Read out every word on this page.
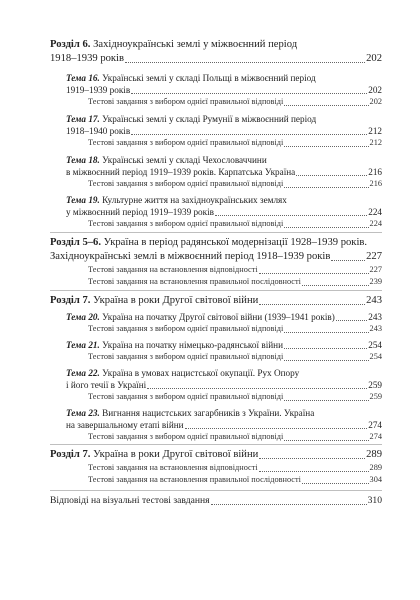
Розділ 6.
Західноукраїнські землі у міжвоєнний період
1918–1939 років	202
Тема 16.
Українські землі у складі Польщі в міжвоєнний період
1919–1939 років	202
Тестові завдання з вибором однієї правильної відповіді	202
Тема 17.
Українські землі у складі Румунії в міжвоєнний період
1918–1940 років	212
Тестові завдання з вибором однієї правильної відповіді	212
Тема 18.
Українські землі у складі Чехословаччини
в міжвоєнний період 1919–1939 років. Карпатська Україна	216
Тестові завдання з вибором однієї правильної відповіді	216
Тема 19.
Культурне життя на західноукраїнських землях
у міжвоєнний період 1919–1939 років	224
Тестові завдання з вибором однієї правильної відповіді	224
Розділ 5–6.
Україна в період радянської модернізації 1928–1939 років.
Західноукраїнські землі в міжвоєнний період 1918–1939 років	227
Тестові завдання на встановлення відповідності	227
Тестові завдання на встановлення правильної послідовності	239
Розділ 7.
Україна в роки Другої світової війни	243
Тема 20.
Україна на початку Другої світової війни (1939–1941 років)	243
Тестові завдання з вибором однієї правильної відповіді	243
Тема 21.
Україна на початку німецько-радянської війни	254
Тестові завдання з вибором однієї правильної відповіді	254
Тема 22.
Україна в умовах нацистської окупації. Рух Опору
і його течії в Україні	259
Тестові завдання з вибором однієї правильної відповіді	259
Тема 23.
Вигнання нацистських загарбників з України. Україна
на завершальному етапі війни	274
Тестові завдання з вибором однієї правильної відповіді	274
Розділ 7.
Україна в роки Другої світової війни	289
Тестові завдання на встановлення відповідності	289
Тестові завдання на встановлення правильної послідовності	304
Відповіді на візуальні тестові завдання	310
